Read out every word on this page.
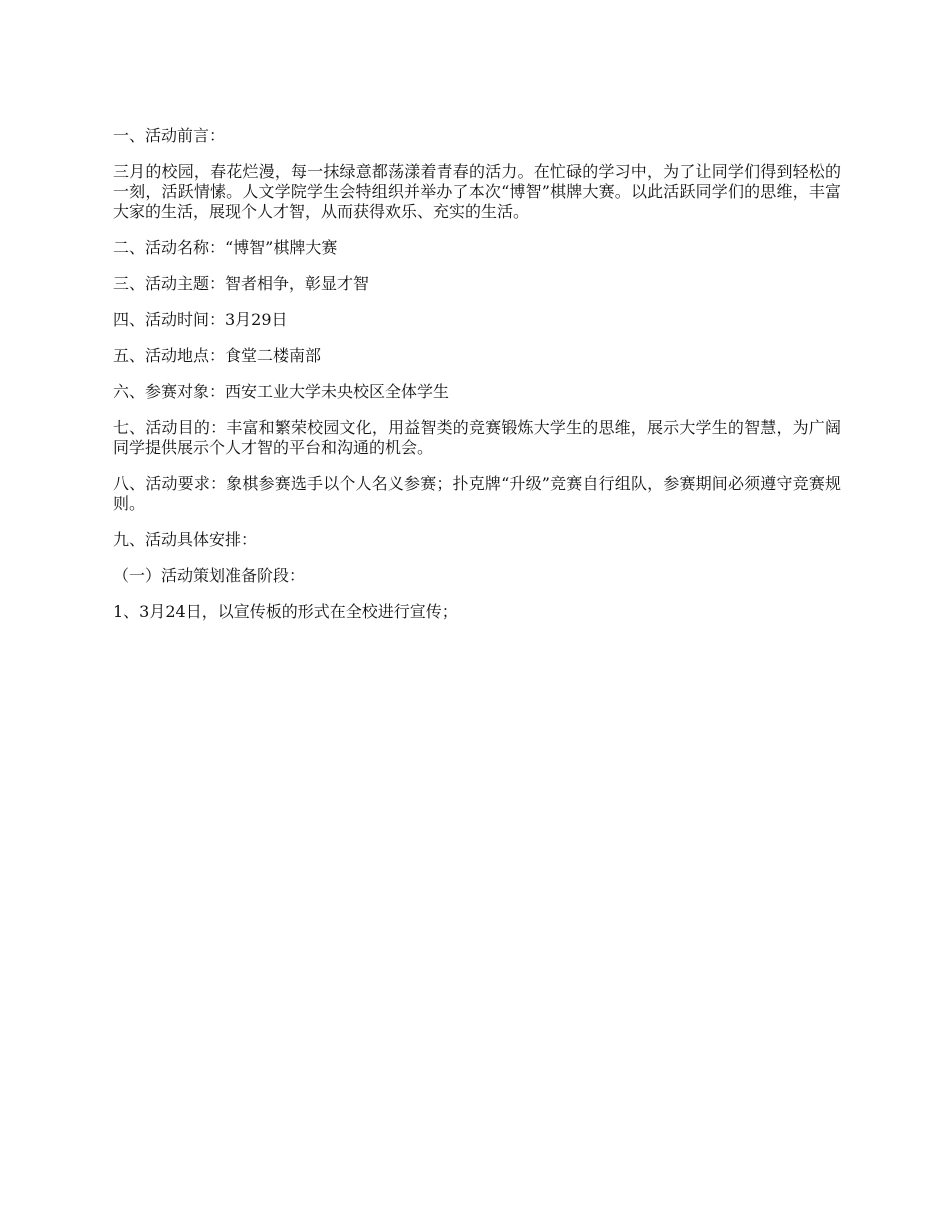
一、活动前言：

三月的校园，春花烂漫，每一抹绿意都荡漾着青春的活力。在忙碌的学习中，为了让同学们得到轻松的一刻，活跃情愫。人文学院学生会特组织并举办了本次“博智”棋牌大赛。以此活跃同学们的思维，丰富大家的生活，展现个人才智，从而获得欢乐、充实的生活。

二、活动名称：“博智”棋牌大赛

三、活动主题：智者相争，彰显才智

四、活动时间：3月29日

五、活动地点：食堂二楼南部

六、参赛对象：西安工业大学未央校区全体学生

七、活动目的：丰富和繁荣校园文化，用益智类的竞赛锻炼大学生的思维，展示大学生的智慧，为广阔同学提供展示个人才智的平台和沟通的机会。

八、活动要求：象棋参赛选手以个人名义参赛；扑克牌“升级”竞赛自行组队，参赛期间必须遵守竞赛规则。

九、活动具体安排：

（一）活动策划准备阶段：

1、3月24日，以宣传板的形式在全校进行宣传；
